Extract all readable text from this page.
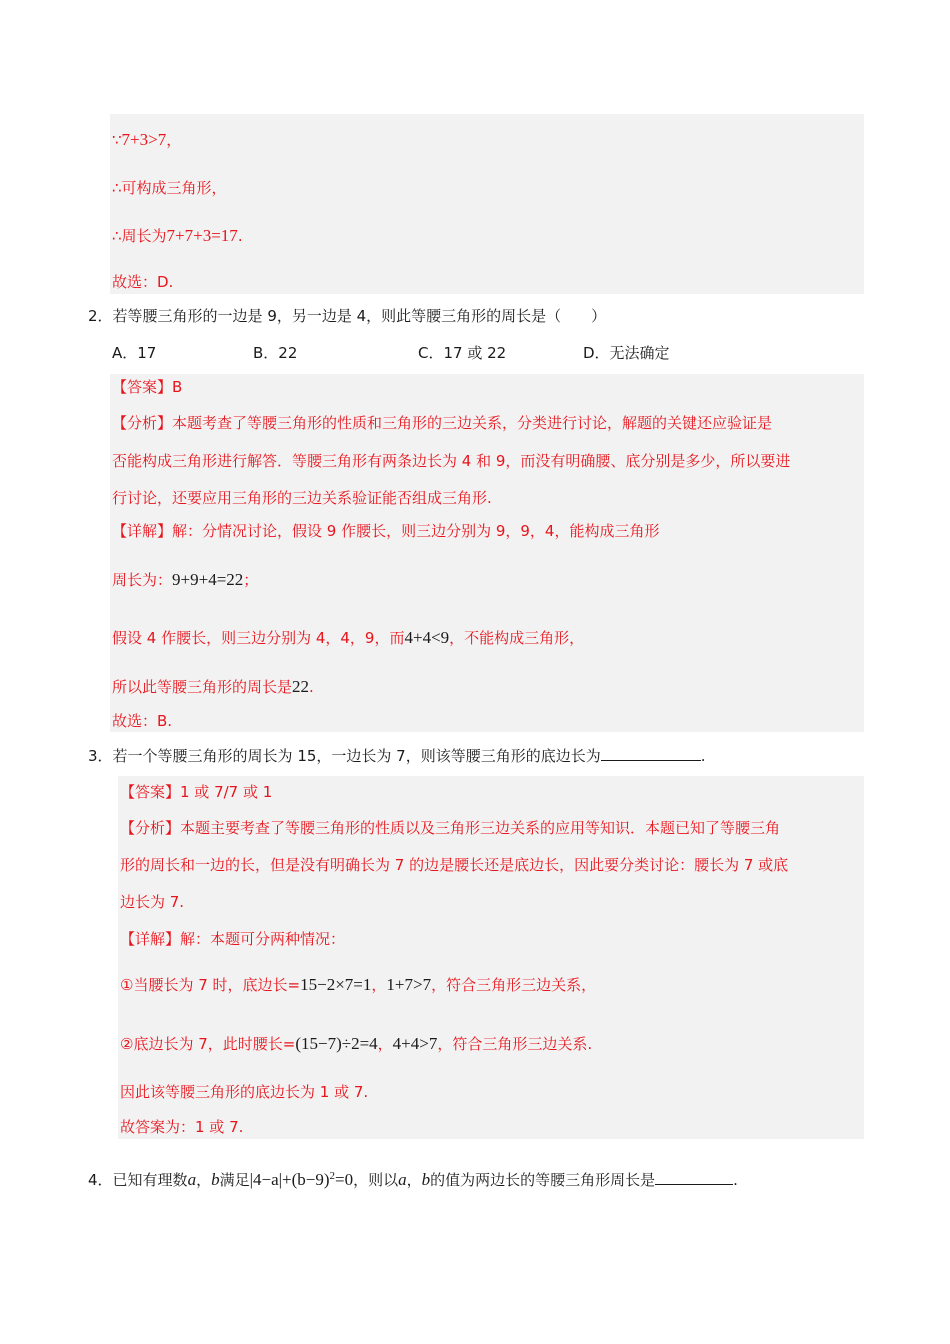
∵7+3>7，
∴可构成三角形，
∴周长为7+7+3=17.
故选：D.
2．若等腰三角形的一边是 9，另一边是 4，则此等腰三角形的周长是（　　）
A．17	B．22	C．17 或 22	D．无法确定
【答案】B
【分析】本题考查了等腰三角形的性质和三角形的三边关系，分类进行讨论，解题的关键还应验证是
否能构成三角形进行解答．等腰三角形有两条边长为 4 和 9，而没有明确腰、底分别是多少，所以要进
行讨论，还要应用三角形的三边关系验证能否组成三角形.
【详解】解：分情况讨论，假设 9 作腰长，则三边分别为 9，9，4，能构成三角形
周长为：9+9+4=22；
假设 4 作腰长，则三边分别为 4，4，9，而4+4<9，不能构成三角形，
所以此等腰三角形的周长是22.
故选：B.
3．若一个等腰三角形的周长为 15，一边长为 7，则该等腰三角形的底边长为	.
【答案】1 或 7/7 或 1
【分析】本题主要考查了等腰三角形的性质以及三角形三边关系的应用等知识．本题已知了等腰三角
形的周长和一边的长，但是没有明确长为 7 的边是腰长还是底边长，因此要分类讨论：腰长为 7 或底
边长为 7.
【详解】解：本题可分两种情况：
①当腰长为 7 时，底边长=15−2×7=1，1+7>7，符合三角形三边关系，
②底边长为 7，此时腰长=(15−7)÷2=4，4+4>7，符合三角形三边关系.
因此该等腰三角形的底边长为 1 或 7.
故答案为：1 或 7.
4．已知有理数a，b满足$|4-a|+(b-9)^2=0$，则以a，b的值为两边长的等腰三角形周长是	.
